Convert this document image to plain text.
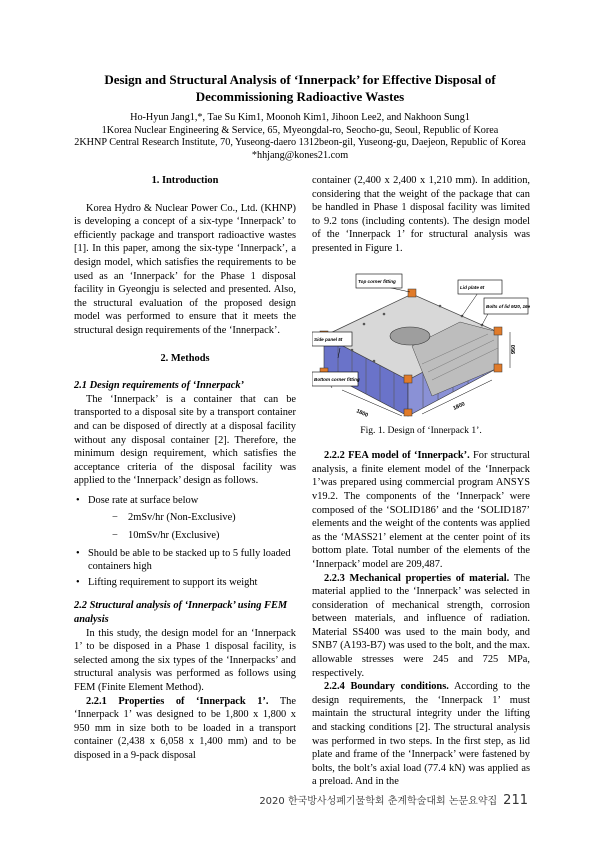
Design and Structural Analysis of ‘Innerpack’ for Effective Disposal of
Decommissioning Radioactive Wastes
Ho-Hyun Jang1,*, Tae Su Kim1, Moonoh Kim1, Jihoon Lee2, and Nakhoon Sung1
1Korea Nuclear Engineering & Service, 65, Myeongdal-ro, Seocho-gu, Seoul, Republic of Korea
2KHNP Central Research Institute, 70, Yuseong-daero 1312beon-gil, Yuseong-gu, Daejeon, Republic of Korea
*hhjang@kones21.com
1. Introduction

Korea Hydro & Nuclear Power Co., Ltd. (KHNP) is developing a concept of a six-type ‘Innerpack’ to efficiently package and transport radioactive wastes [1]. In this paper, among the six-type ‘Innerpack’, a design model, which satisfies the requirements to be used as an ‘Innerpack’ for the Phase 1 disposal facility in Gyeongju is selected and presented. Also, the structural evaluation of the proposed design model was performed to ensure that it meets the structural design requirements of the ‘Innerpack’.

2. Methods
2.1 Design requirements of ‘Innerpack’

The ‘Innerpack’ is a container that can be transported to a disposal site by a transport container and can be disposed of directly at a disposal facility without any disposal container [2]. Therefore, the minimum design requirement, which satisfies the acceptance criteria of the disposal facility was applied to the ‘Innerpack’ design as follows.

• Dose rate at surface below
− 2mSv/hr (Non-Exclusive)
− 10mSv/hr (Exclusive)
• Should be able to be stacked up to 5 fully loaded containers high
• Lifting requirement to support its weight
2.2 Structural analysis of ‘Innerpack’ using FEM analysis

In this study, the design model for an ‘Innerpack 1’ to be disposed in a Phase 1 disposal facility, is selected among the six types of the ‘Innerpacks’ and structural analysis was performed as follows using FEM (Finite Element Method).

2.2.1 Properties of ‘Innerpack 1’. The ‘Innerpack 1’ was designed to be 1,800 x 1,800 x 950 mm in size both to be loaded in a transport container (2,438 x 6,058 x 1,400 mm) and to be disposed in a 9-pack disposal

container (2,400 x 2,400 x 1,210 mm). In addition, considering that the weight of the package that can be handled in Phase 1 disposal facility was limited to 9.2 tons (including contents). The design model of the ‘Innerpack 1’ for structural analysis was presented in Figure 1.

950
1800
1800
Top corner fitting
Lid plate 6t
Bolts of lid M20, 16ea
Side panel 5t
Bottom corner fitting
Fig. 1. Design of ‘Innerpack 1’.

2.2.2 FEA model of ‘Innerpack’. For structural analysis, a finite element model of the ‘Innerpack 1’was prepared using commercial program ANSYS v19.2. The components of the ‘Innerpack’ were composed of the ‘SOLID186’ and the ‘SOLID187’ elements and the weight of the contents was applied as the ‘MASS21’ element at the center point of its bottom plate. Total number of the elements of the ‘Innerpack’ model are 209,487.

2.2.3 Mechanical properties of material. The material applied to the ‘Innerpack’ was selected in consideration of mechanical strength, corrosion between materials, and influence of radiation. Material SS400 was used to the main body, and SNB7 (A193-B7) was used to the bolt, and the max. allowable stresses were 245 and 725 MPa, respectively.

2.2.4 Boundary conditions. According to the design requirements, the ‘Innerpack 1’ must maintain the structural integrity under the lifting and stacking conditions [2]. The structural analysis was performed in two steps. In the first step, as lid plate and frame of the ‘Innerpack’ were fastened by bolts, the bolt’s axial load (77.4 kN) was applied as a preload. And in the

2020 한국방사성폐기물학회 춘계학술대회 논문요약집 211
